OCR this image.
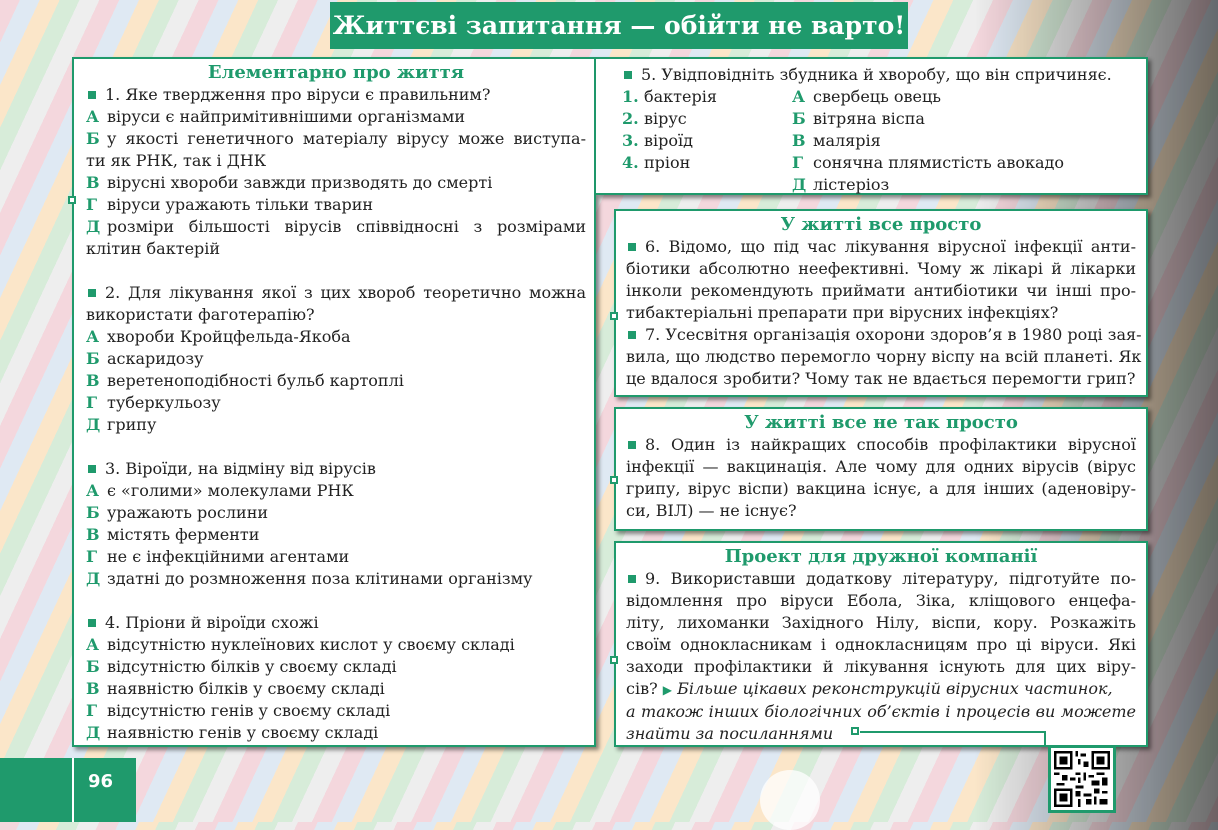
Життєві запитання — обійти не варто!
Елементарно про життя
1. Яке твердження про віруси є правильним?
А віруси є найпримітивнішими організмами
Б у якості генетичного матеріалу вірусу може виступа-
ти як РНК, так і ДНК
В вірусні хвороби завжди призводять до смерті
Г віруси уражають тільки тварин
Д розміри більшості вірусів співвідносні з розмірами
клітин бактерій
2. Для лікування якої з цих хвороб теоретично можна
використати фаготерапію?
А хвороби Кройцфельда-Якоба
Б аскаридозу
В веретеноподібності бульб картоплі
Г туберкульозу
Д грипу
3. Віроїди, на відміну від вірусів
А є «голими» молекулами РНК
Б уражають рослини
В містять ферменти
Г не є інфекційними агентами
Д здатні до розмноження поза клітинами організму
4. Пріони й віроїди схожі
А відсутністю нуклеїнових кислот у своєму складі
Б відсутністю білків у своєму складі
В наявністю білків у своєму складі
Г відсутністю генів у своєму складі
Д наявністю генів у своєму складі
5. Увідповідніть збудника й хворобу, що він спричиняє.
1. бактерія	А свербець овець
2. вірус	Б вітряна віспа
3. віроїд	В малярія
4. пріон	Г сонячна плямистість авокадо
Д лістеріоз
У житті все просто
6. Відомо, що під час лікування вірусної інфекції анти-
біотики абсолютно неефективні. Чому ж лікарі й лікарки
інколи рекомендують приймати антибіотики чи інші про-
тибактеріальні препарати при вірусних інфекціях?
7. Усесвітня організація охорони здоров’я в 1980 році зая-
вила, що людство перемогло чорну віспу на всій планеті. Як
це вдалося зробити? Чому так не вдається перемогти грип?
У житті все не так просто
8. Один із найкращих способів профілактики вірусної
інфекції — вакцинація. Але чому для одних вірусів (вірус
грипу, вірус віспи) вакцина існує, а для інших (аденовіру-
си, ВІЛ) — не існує?
Проект для дружної компанії
9. Використавши додаткову літературу, підготуйте по-
відомлення про віруси Ебола, Зіка, кліщового енцефа-
літу, лихоманки Західного Нілу, віспи, кору. Розкажіть
своїм однокласникам і однокласницям про ці віруси. Які
заходи профілактики й лікування існують для цих віру-
сів? ▶ Більше цікавих реконструкцій вірусних частинок,
а також інших біологічних об’єктів і процесів ви можете
знайти за посиланнями
96
